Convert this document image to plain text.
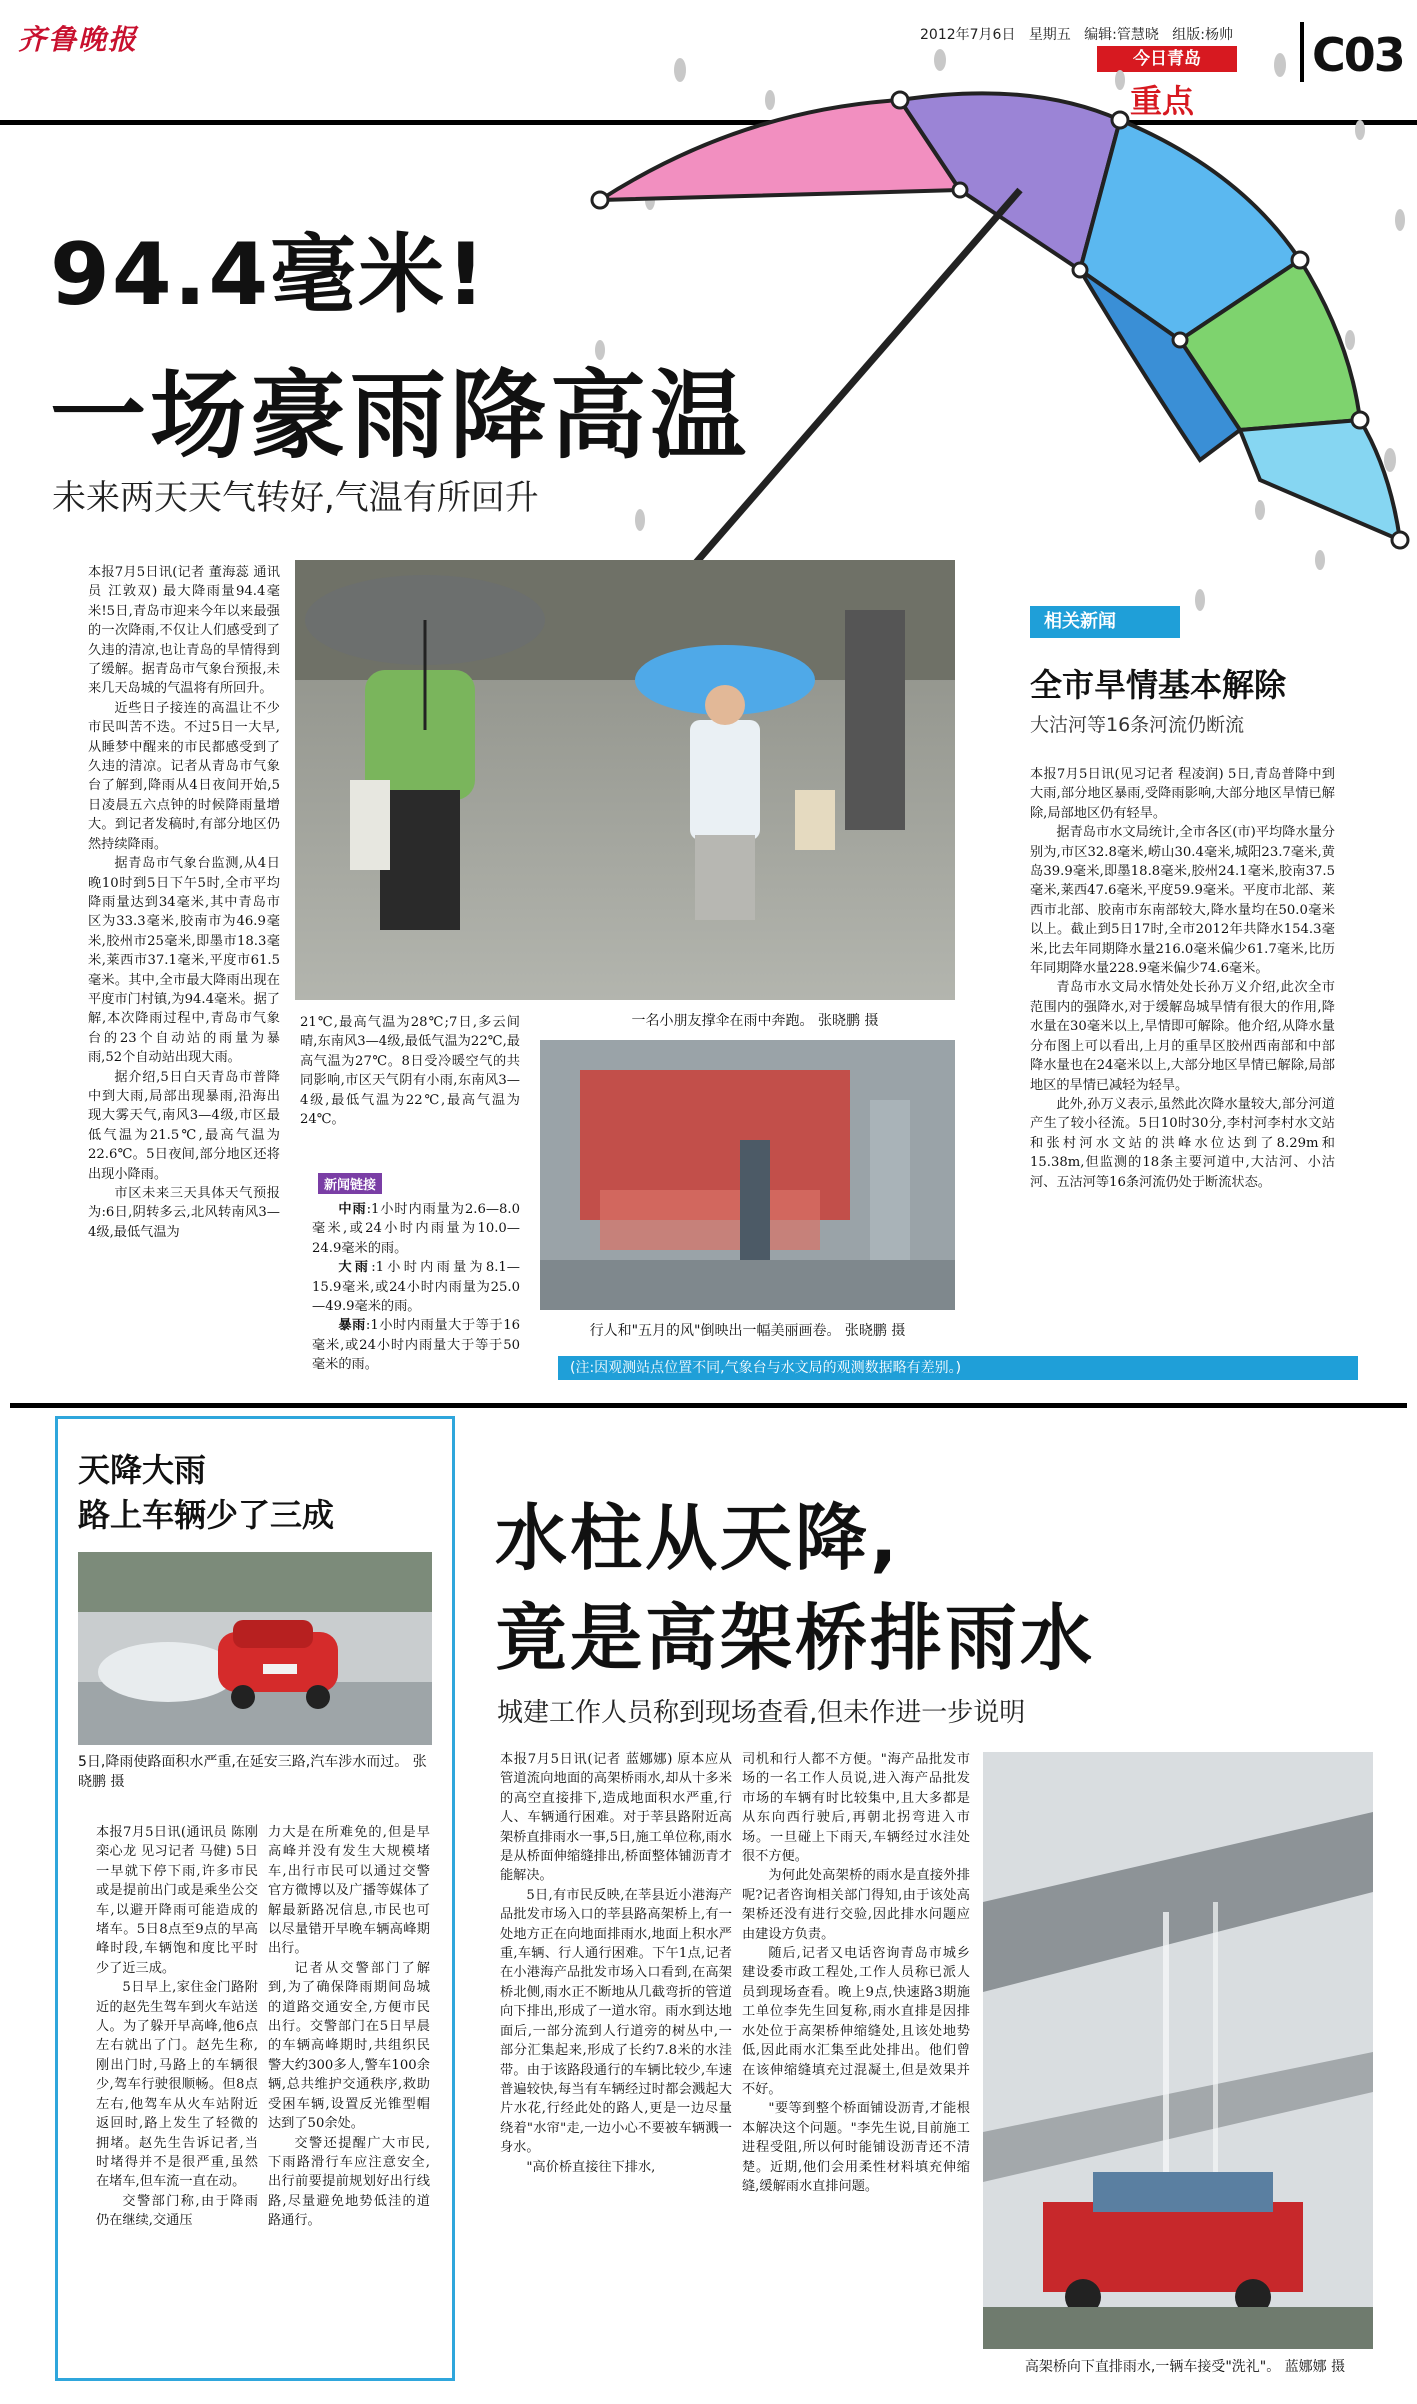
齐鲁晚报	2012年7月6日 星期五 编辑:管慧晓 组版:杨帅
今日青岛
重点
C03
94.4毫米!
一场豪雨降高温
未来两天天气转好,气温有所回升

本报7月5日讯(记者 董海蕊 通讯员 江敦双) 最大降雨量94.4毫米!5日,青岛市迎来今年以来最强的一次降雨,不仅让人们感受到了久违的清凉,也让青岛的旱情得到了缓解。据青岛市气象台预报,未来几天岛城的气温将有所回升。

近些日子接连的高温让不少市民叫苦不迭。不过5日一大早,从睡梦中醒来的市民都感受到了久违的清凉。记者从青岛市气象台了解到,降雨从4日夜间开始,5日凌晨五六点钟的时候降雨量增大。到记者发稿时,有部分地区仍然持续降雨。

据青岛市气象台监测,从4日晚10时到5日下午5时,全市平均降雨量达到34毫米,其中青岛市区为33.3毫米,胶南市为46.9毫米,胶州市25毫米,即墨市18.3毫米,莱西市37.1毫米,平度市61.5毫米。其中,全市最大降雨出现在平度市门村镇,为94.4毫米。据了解,本次降雨过程中,青岛市气象台的23个自动站的雨量为暴雨,52个自动站出现大雨。

据介绍,5日白天青岛市普降中到大雨,局部出现暴雨,沿海出现大雾天气,南风3—4级,市区最低气温为21.5℃,最高气温为22.6℃。5日夜间,部分地区还将出现小降雨。

市区未来三天具体天气预报为:6日,阴转多云,北风转南风3—4级,最低气温为

一名小朋友撑伞在雨中奔跑。 张晓鹏 摄

21℃,最高气温为28℃;7日,多云间晴,东南风3—4级,最低气温为22℃,最高气温为27℃。8日受冷暖空气的共同影响,市区天气阴有小雨,东南风3—4级,最低气温为22℃,最高气温为24℃。

新闻链接

中雨:1小时内雨量为2.6—8.0毫米,或24小时内雨量为10.0—24.9毫米的雨。

大雨:1小时内雨量为8.1—15.9毫米,或24小时内雨量为25.0—49.9毫米的雨。

暴雨:1小时内雨量大于等于16毫米,或24小时内雨量大于等于50毫米的雨。

行人和"五月的风"倒映出一幅美丽画卷。 张晓鹏 摄
相关新闻
全市旱情基本解除
大沽河等16条河流仍断流

本报7月5日讯(见习记者 程凌润) 5日,青岛普降中到大雨,部分地区暴雨,受降雨影响,大部分地区旱情已解除,局部地区仍有轻旱。

据青岛市水文局统计,全市各区(市)平均降水量分别为,市区32.8毫米,崂山30.4毫米,城阳23.7毫米,黄岛39.9毫米,即墨18.8毫米,胶州24.1毫米,胶南37.5毫米,莱西47.6毫米,平度59.9毫米。平度市北部、莱西市北部、胶南市东南部较大,降水量均在50.0毫米以上。截止到5日17时,全市2012年共降水154.3毫米,比去年同期降水量216.0毫米偏少61.7毫米,比历年同期降水量228.9毫米偏少74.6毫米。

青岛市水文局水情处处长孙万义介绍,此次全市范围内的强降水,对于缓解岛城旱情有很大的作用,降水量在30毫米以上,旱情即可解除。他介绍,从降水量分布图上可以看出,上月的重旱区胶州西南部和中部降水量也在24毫米以上,大部分地区旱情已解除,局部地区的旱情已减轻为轻旱。

此外,孙万义表示,虽然此次降水量较大,部分河道产生了较小径流。5日10时30分,李村河李村水文站和张村河水文站的洪峰水位达到了8.29m和15.38m,但监测的18条主要河道中,大沽河、小沽河、五沽河等16条河流仍处于断流状态。

(注:因观测站点位置不同,气象台与水文局的观测数据略有差别。)
天降大雨
路上车辆少了三成
5日,降雨使路面积水严重,在延安三路,汽车涉水而过。 张晓鹏 摄

本报7月5日讯(通讯员 陈刚 栾心龙 见习记者 马健) 5日一早就下停下雨,许多市民或是提前出门或是乘坐公交车,以避开降雨可能造成的堵车。5日8点至9点的早高峰时段,车辆饱和度比平时少了近三成。

5日早上,家住金门路附近的赵先生驾车到火车站送人。为了躲开早高峰,他6点左右就出了门。赵先生称,刚出门时,马路上的车辆很少,驾车行驶很顺畅。但8点左右,他驾车从火车站附近返回时,路上发生了轻微的拥堵。赵先生告诉记者,当时堵得并不是很严重,虽然在堵车,但车流一直在动。

交警部门称,由于降雨仍在继续,交通压

力大是在所难免的,但是早高峰并没有发生大规模堵车,出行市民可以通过交警官方微博以及广播等媒体了解最新路况信息,市民也可以尽量错开早晚车辆高峰期出行。

记者从交警部门了解到,为了确保降雨期间岛城的道路交通安全,方便市民出行。交警部门在5日早晨的车辆高峰期时,共组织民警大约300多人,警车100余辆,总共维护交通秩序,救助受困车辆,设置反光锥型帽达到了50余处。

交警还提醒广大市民,下雨路滑行车应注意安全,出行前要提前规划好出行线路,尽量避免地势低洼的道路通行。

水柱从天降,
竟是高架桥排雨水
城建工作人员称到现场查看,但未作进一步说明

本报7月5日讯(记者 蓝娜娜) 原本应从管道流向地面的高架桥雨水,却从十多米的高空直接排下,造成地面积水严重,行人、车辆通行困难。对于莘县路附近高架桥直排雨水一事,5日,施工单位称,雨水是从桥面伸缩缝排出,桥面整体铺沥青才能解决。

5日,有市民反映,在莘县近小港海产品批发市场入口的莘县路高架桥上,有一处地方正在向地面排雨水,地面上积水严重,车辆、行人通行困难。下午1点,记者在小港海产品批发市场入口看到,在高架桥北侧,雨水正不断地从几截弯折的管道向下排出,形成了一道水帘。雨水到达地面后,一部分流到人行道旁的树丛中,一部分汇集起来,形成了长约7.8米的水洼带。由于该路段通行的车辆比较少,车速普遍较快,每当有车辆经过时都会溅起大片水花,行经此处的路人,更是一边尽量绕着"水帘"走,一边小心不要被车辆溅一身水。

"高价桥直接往下排水,

司机和行人都不方便。"海产品批发市场的一名工作人员说,进入海产品批发市场的车辆有时比较集中,且大多都是从东向西行驶后,再朝北拐弯进入市场。一旦碰上下雨天,车辆经过水洼处很不方便。

为何此处高架桥的雨水是直接外排呢?记者咨询相关部门得知,由于该处高架桥还没有进行交验,因此排水问题应由建设方负责。

随后,记者又电话咨询青岛市城乡建设委市政工程处,工作人员称已派人员到现场查看。晚上9点,快速路3期施工单位李先生回复称,雨水直排是因排水处位于高架桥伸缩缝处,且该处地势低,因此雨水汇集至此处排出。他们曾在该伸缩缝填充过混凝土,但是效果并不好。

"要等到整个桥面铺设沥青,才能根本解决这个问题。"李先生说,目前施工进程受阻,所以何时能铺设沥青还不清楚。近期,他们会用柔性材料填充伸缩缝,缓解雨水直排问题。

高架桥向下直排雨水,一辆车接受"洗礼"。 蓝娜娜 摄
